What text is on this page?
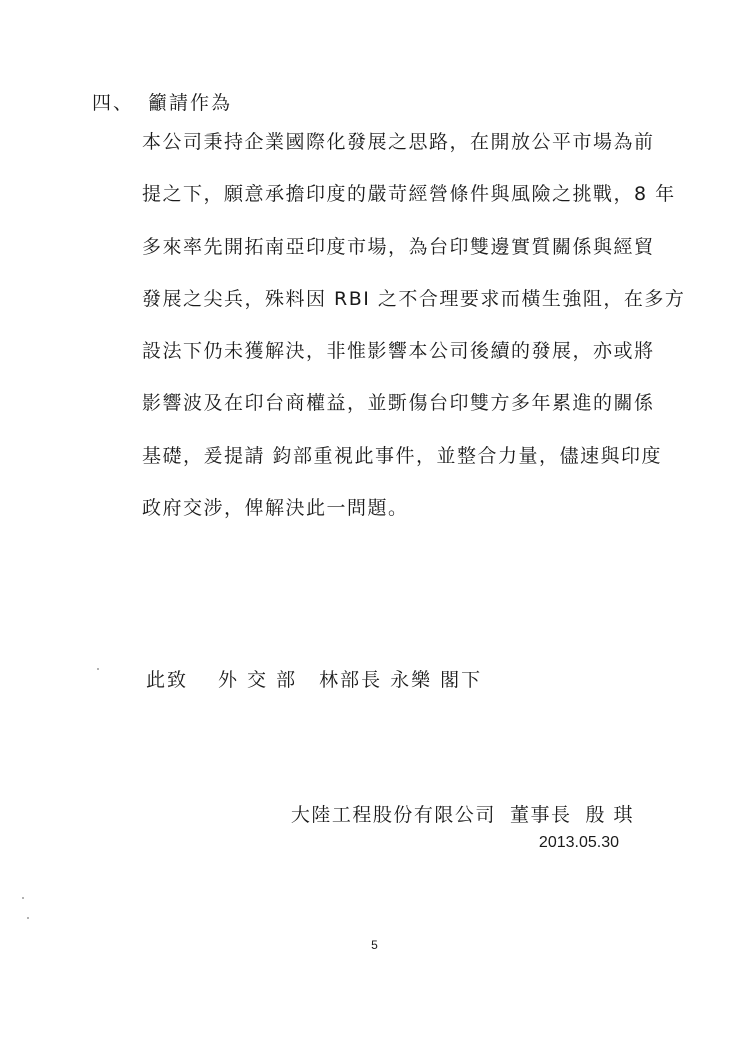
四、 籲請作為
本公司秉持企業國際化發展之思路，在開放公平市場為前
提之下，願意承擔印度的嚴苛經營條件與風險之挑戰，8 年
多來率先開拓南亞印度市場，為台印雙邊實質關係與經貿
發展之尖兵，殊料因 RBI 之不合理要求而橫生強阻，在多方
設法下仍未獲解決，非惟影響本公司後續的發展，亦或將
影響波及在印台商權益，並斲傷台印雙方多年累進的關係
基礎，爰提請 鈞部重視此事件，並整合力量，儘速與印度
政府交涉，俾解決此一問題。
此致 外 交 部 林部長 永樂 閣下
大陸工程股份有限公司 董事長 殷 琪
2013.05.30
5
